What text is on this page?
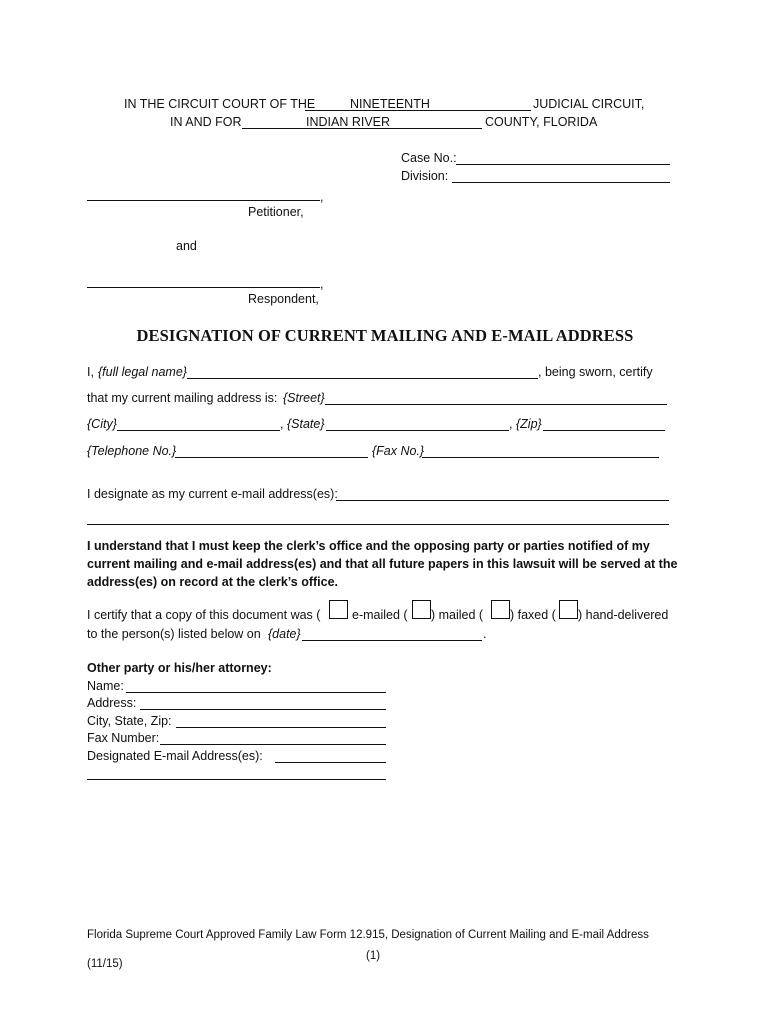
IN THE CIRCUIT COURT OF THE	NINETEENTH	JUDICIAL CIRCUIT,
IN AND FOR	INDIAN RIVER	COUNTY, FLORIDA
Case No.:
Division:
,
Petitioner,
and
,
Respondent,
DESIGNATION OF CURRENT MAILING AND E-MAIL ADDRESS
I, {full legal name}	, being sworn, certify
that my current mailing address is: {Street}
{City}	, {State}	, {Zip}
{Telephone No.}	{Fax No.}
I designate as my current e-mail address(es):
I understand that I must keep the clerk’s office and the opposing party or parties notified of my current mailing and e-mail address(es) and that all future papers in this lawsuit will be served at the address(es) on record at the clerk’s office.
I certify that a copy of this document was (	e-mailed ( ) mailed ( ) faxed ( ) hand-delivered
to the person(s) listed below on {date}	.
Other party or his/her attorney:
Name:
Address:
City, State, Zip:
Fax Number:
Designated E-mail Address(es):
Florida Supreme Court Approved Family Law Form 12.915, Designation of Current Mailing and E-mail Address
(11/15)
(1)
